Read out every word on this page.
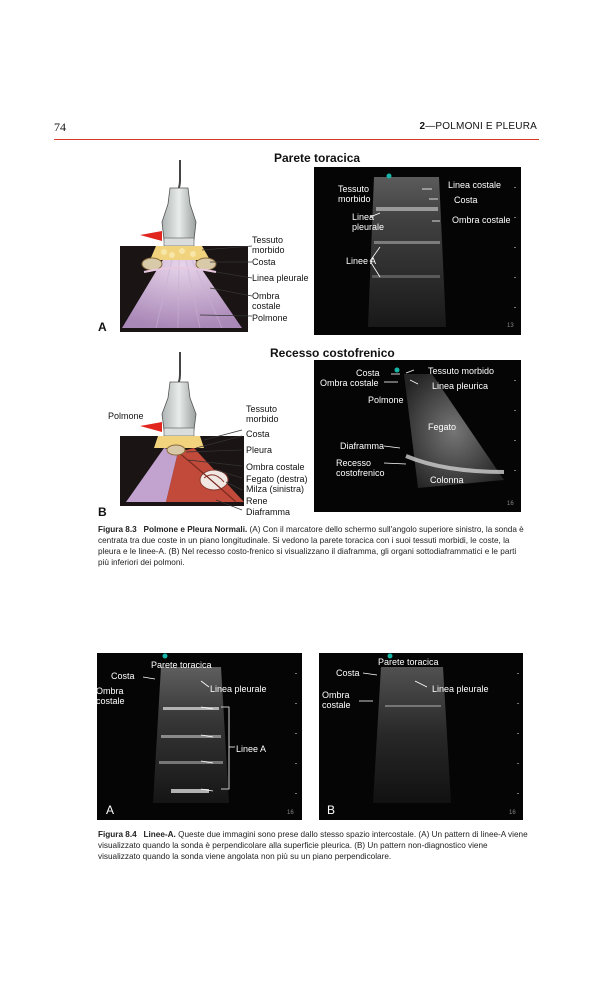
74	2—POLMONI E PLEURA
Parete toracica
Recesso costofrenico
Tessuto
morbido
Costa
Linea pleurale
Ombra
costale
Polmone
A
Tessuto
morbido
Linea costale
Costa
Linea
pleurale
Ombra costale
Linee A
13
Polmone
Tessuto
morbido
Costa
Pleura
Ombra costale
Fegato (destra)
Milza (sinistra)
Rene
Diaframma
B
Costa	Tessuto morbido
Ombra costale	Linea pleurica
Polmone
Fegato
Diaframma
Recesso
costofrenico
Colonna
16
Figura 8.3 Polmone e Pleura Normali. (A) Con il marcatore dello schermo sull'angolo superiore sinistro, la sonda è centrata tra due coste in un piano longitudinale. Si vedono la parete toracica con i suoi tessuti morbidi, le coste, la pleura e le linee-A. (B) Nel recesso costo-frenico si visualizzano il diaframma, gli organi sottodiaframmatici e le parti più inferiori dei polmoni.
Parete toracica
Costa
Ombra
costale
Linea pleurale
Linee A
A	16
Parete toracica
Costa
Ombra
costale
Linea pleurale
B	16
Figura 8.4 Linee-A. Queste due immagini sono prese dallo stesso spazio intercostale. (A) Un pattern di linee-A viene visualizzato quando la sonda è perpendicolare alla superficie pleurica. (B) Un pattern non-diagnostico viene visualizzato quando la sonda viene angolata non più su un piano perpendicolare.
